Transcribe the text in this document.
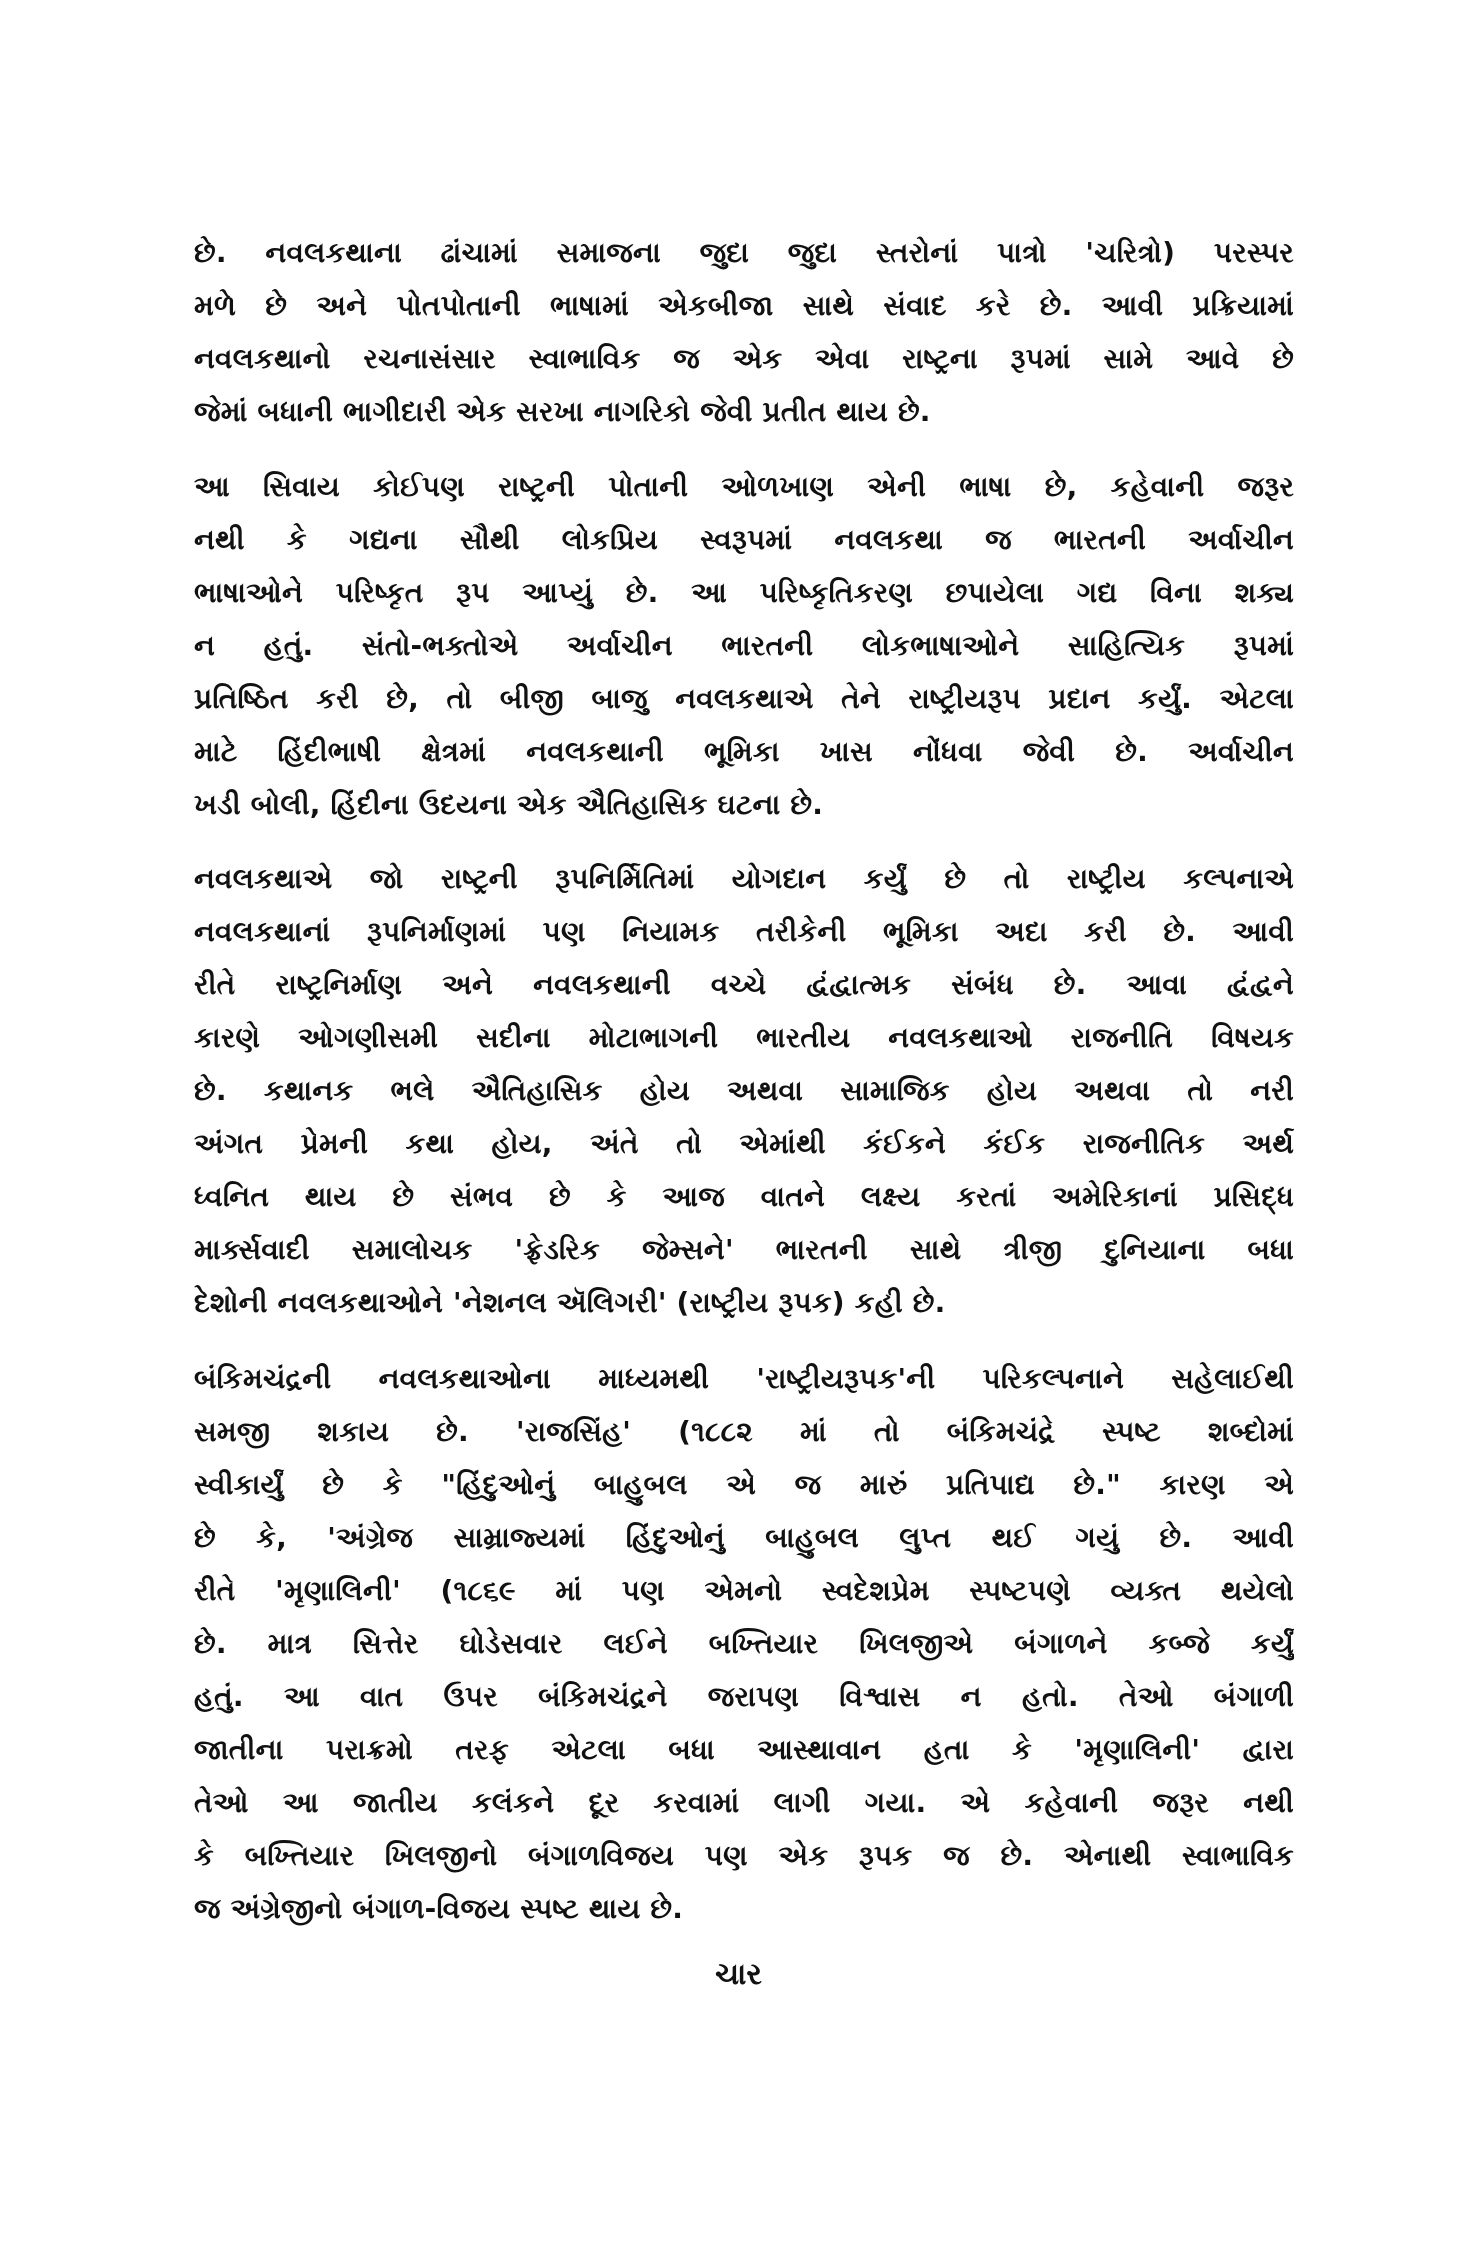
છે. નવલકથાના ઢાંચામાં સમાજના જુદા જુદા સ્તરોનાં પાત્રો 'ચરિત્રો) પરસ્પર
મળે છે અને પોતપોતાની ભાષામાં એકબીજા સાથે સંવાદ કરે છે. આવી પ્રક્રિયામાં
નવલકથાનો રચનાસંસાર સ્વાભાવિક જ એક એવા રાષ્ટ્રના રૂપમાં સામે આવે છે
જેમાં બધાની ભાગીદારી એક સરખા નાગરિકો જેવી પ્રતીત થાય છે.
આ સિવાય કોઈપણ રાષ્ટ્રની પોતાની ઓળખાણ એની ભાષા છે, કહેવાની જરૂર
નથી કે ગદ્યના સૌથી લોકપ્રિય સ્વરૂપમાં નવલકથા જ ભારતની અર્વાચીન
ભાષાઓને પરિષ્કૃત રૂપ આપ્યું છે. આ પરિષ્કૃતિકરણ છપાયેલા ગદ્ય વિના શક્ય
ન હતું. સંતો-ભક્તોએ અર્વાચીન ભારતની લોકભાષાઓને સાહિત્યિક રૂપમાં
પ્રતિષ્ઠિત કરી છે, તો બીજી બાજુ નવલકથાએ તેને રાષ્ટ્રીયરૂપ પ્રદાન કર્યું. એટલા
માટે હિંદીભાષી ક્ષેત્રમાં નવલકથાની ભૂમિકા ખાસ નોંધવા જેવી છે. અર્વાચીન
ખડી બોલી, હિંદીના ઉદયના એક ઐતિહાસિક ઘટના છે.
નવલકથાએ જો રાષ્ટ્રની રૂપનિર્મિતિમાં યોગદાન કર્યું છે તો રાષ્ટ્રીય કલ્પનાએ
નવલકથાનાં રૂપનિર્માણમાં પણ નિયામક તરીકેની ભૂમિકા અદા કરી છે. આવી
રીતે રાષ્ટ્રનિર્માણ અને નવલકથાની વચ્ચે દ્વંદ્વાત્મક સંબંધ છે. આવા દ્વંદ્વને
કારણે ઓગણીસમી સદીના મોટાભાગની ભારતીય નવલકથાઓ રાજનીતિ વિષયક
છે. કથાનક ભલે ઐતિહાસિક હોય અથવા સામાજિક હોય અથવા તો નરી
અંગત પ્રેમની કથા હોય, અંતે તો એમાંથી કંઈકને કંઈક રાજનીતિક અર્થ
ધ્વનિત થાય છે સંભવ છે કે આજ વાતને લક્ષ્ય કરતાં અમેરિકાનાં પ્રસિદ્ધ
માર્ક્સવાદી સમાલોચક 'ફ્રેડરિક જેમ્સને' ભારતની સાથે ત્રીજી દુનિયાના બધા
દેશોની નવલકથાઓને 'નેશનલ ઍલિગરી' (રાષ્ટ્રીય રૂપક) કહી છે.
બંકિમચંદ્રની નવલકથાઓના માધ્યમથી 'રાષ્ટ્રીયરૂપક'ની પરિકલ્પનાને સહેલાઈથી
સમજી શકાય છે. 'રાજસિંહ' (૧૮૮૨ માં તો બંકિમચંદ્રે સ્પષ્ટ શબ્દોમાં
સ્વીકાર્યું છે કે "હિંદુઓનું બાહુબલ એ જ મારું પ્રતિપાદ્ય છે." કારણ એ
છે કે, 'અંગ્રેજ સામ્રાજ્યમાં હિંદુઓનું બાહુબલ લુપ્ત થઈ ગયું છે. આવી
રીતે 'મૃણાલિની' (૧૮૬૯ માં પણ એમનો સ્વદેશપ્રેમ સ્પષ્ટપણે વ્યક્ત થયેલો
છે. માત્ર સિત્તેર ઘોડેસવાર લઈને બખ્તિયાર ખિલજીએ બંગાળને કબ્જે કર્યું
હતું. આ વાત ઉપર બંકિમચંદ્રને જરાપણ વિશ્વાસ ન હતો. તેઓ બંગાળી
જાતીના પરાક્રમો તરફ એટલા બધા આસ્થાવાન હતા કે 'મૃણાલિની' દ્વારા
તેઓ આ જાતીય કલંકને દૂર કરવામાં લાગી ગયા. એ કહેવાની જરૂર નથી
કે બખ્તિયાર ખિલજીનો બંગાળવિજય પણ એક રૂપક જ છે. એનાથી સ્વાભાવિક
જ અંગ્રેજીનો બંગાળ-વિજય સ્પષ્ટ થાય છે.
ચાર
